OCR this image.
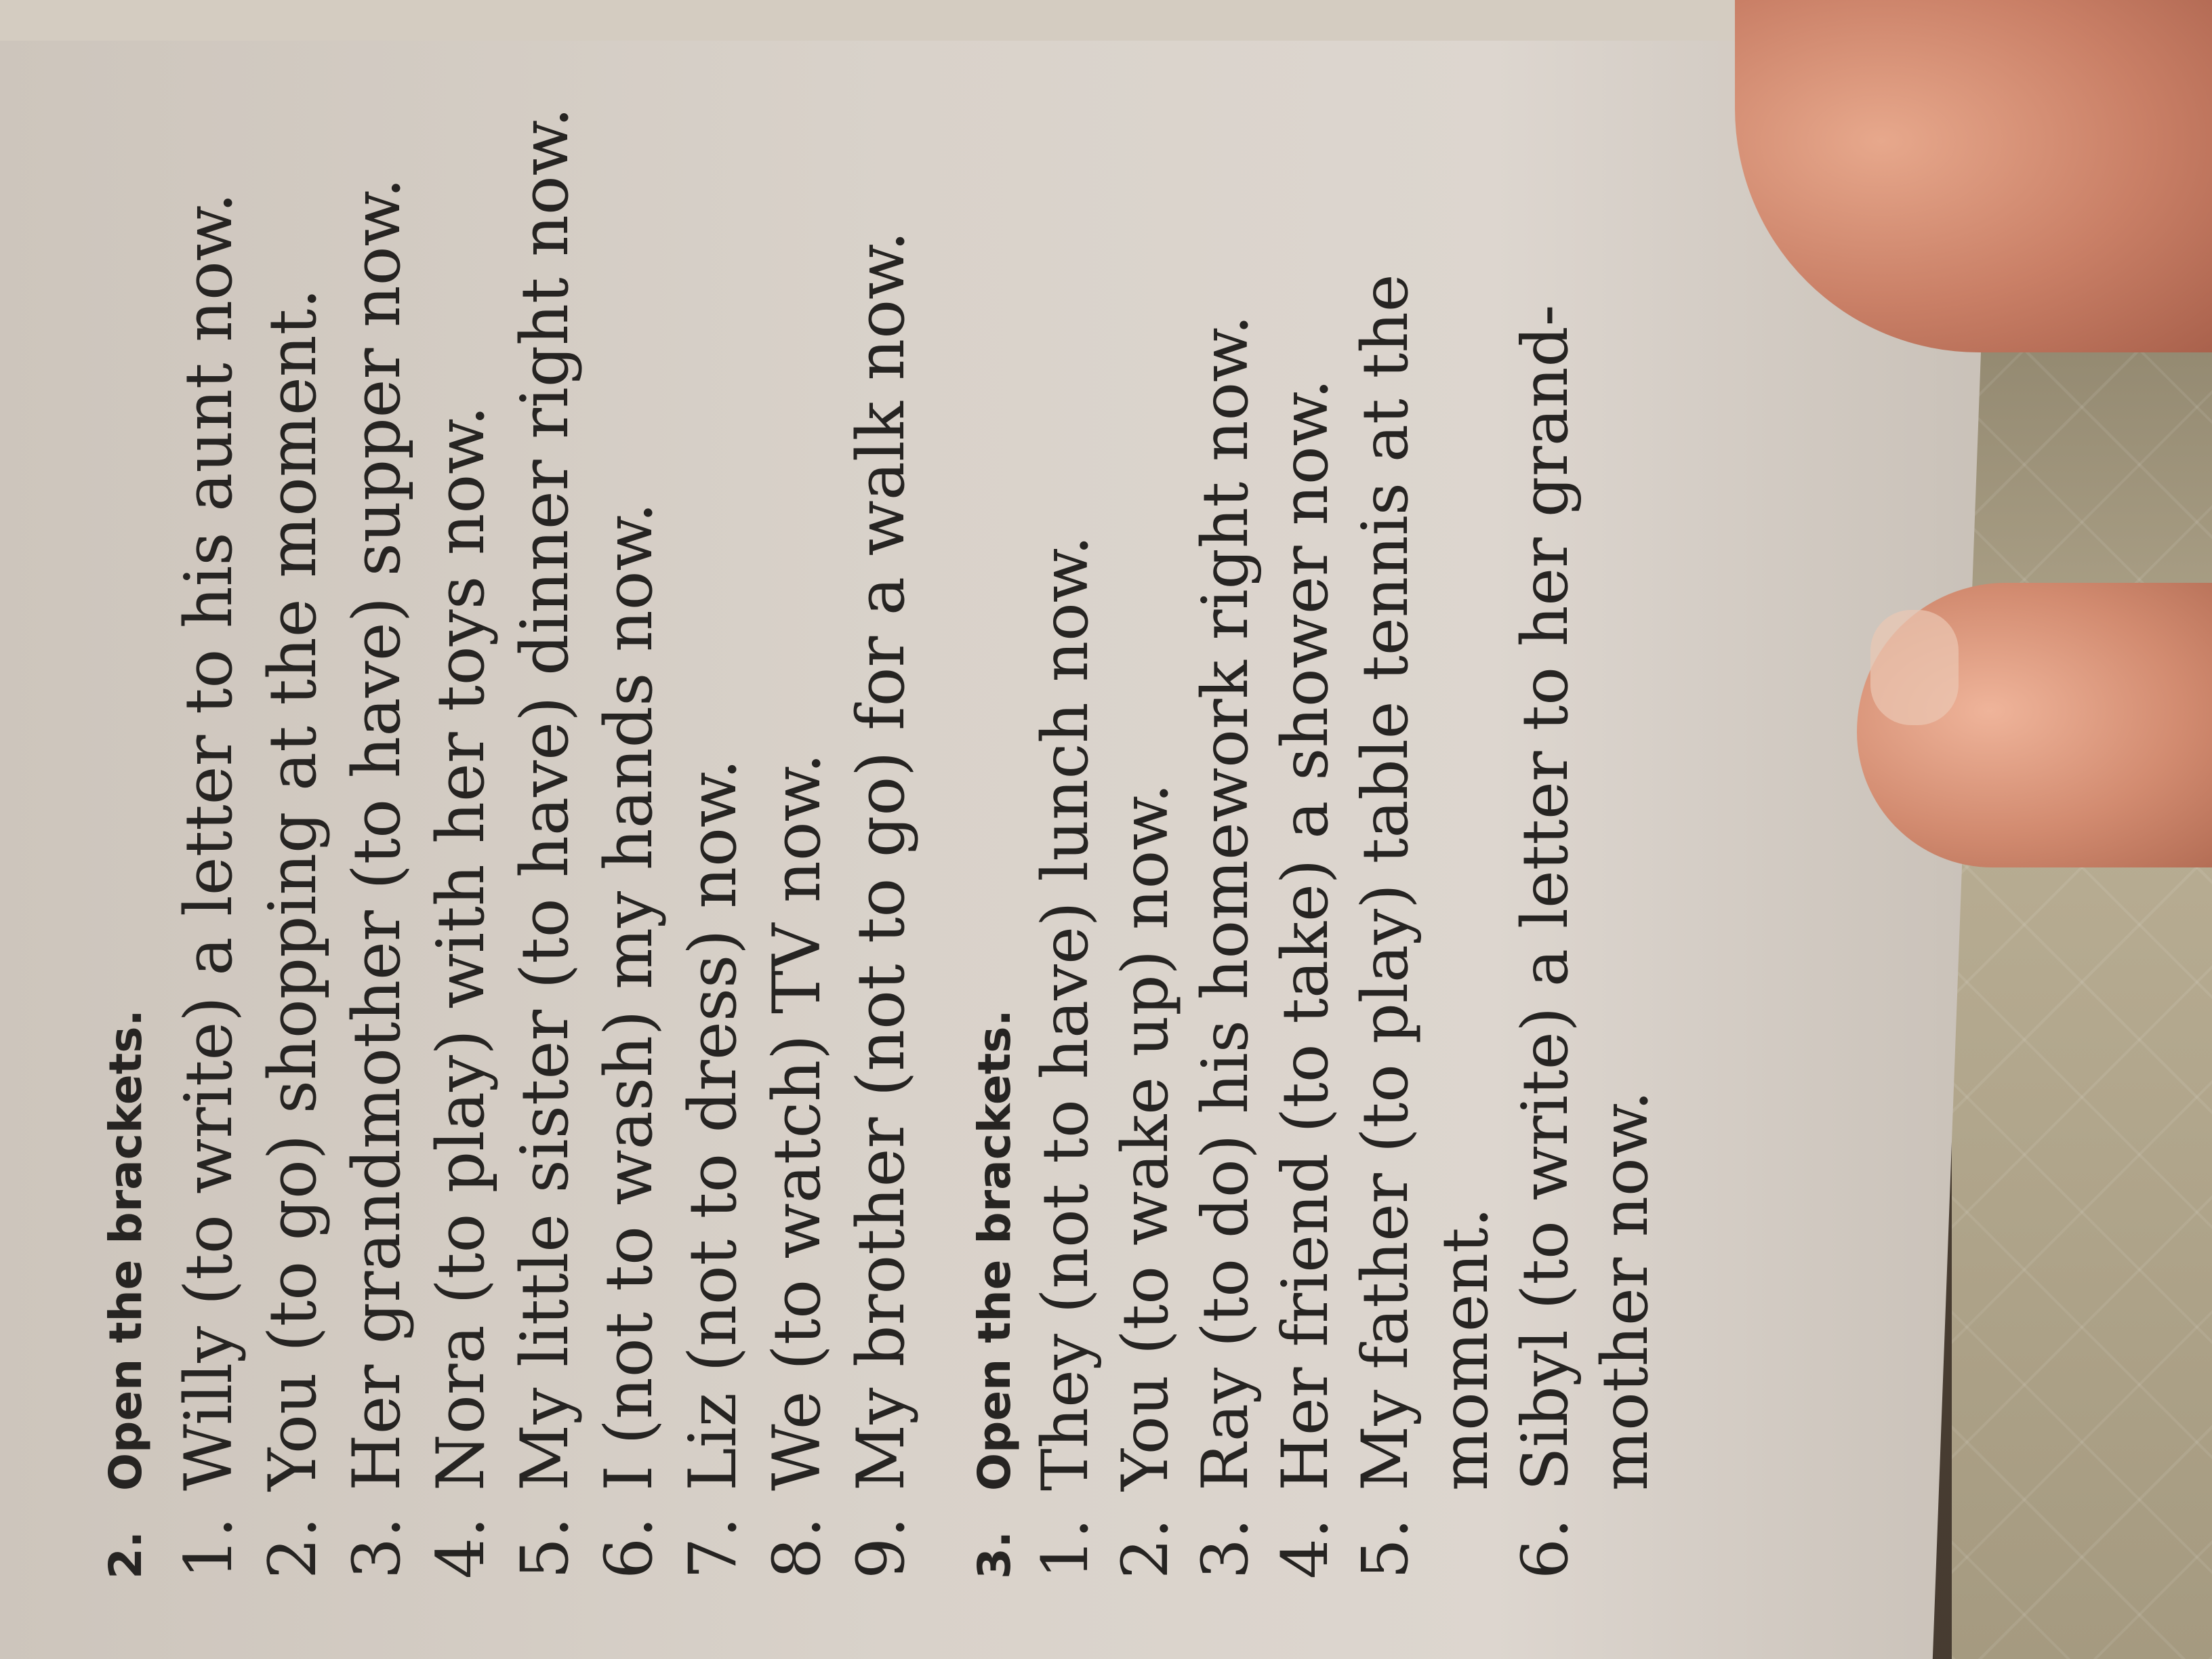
2.
Open the brackets.
1.
Willy (to write) a letter to his aunt now.
2.
You (to go) shopping at the moment.
3.
Her grandmother (to have) supper now.
4.
Nora (to play) with her toys now.
5.
My little sister (to have) dinner right now.
6.
I (not to wash) my hands now.
7.
Liz (not to dress) now.
8.
We (to watch) TV now.
9.
My brother (not to go) for a walk now.
3.
Open the brackets.
1.
They (not to have) lunch now.
2.
You (to wake up) now.
3.
Ray (to do) his homework right now.
4.
Her friend (to take) a shower now.
5.
My father (to play) table tennis at the
moment.
6.
Sibyl (to write) a letter to her grand-
mother now.
